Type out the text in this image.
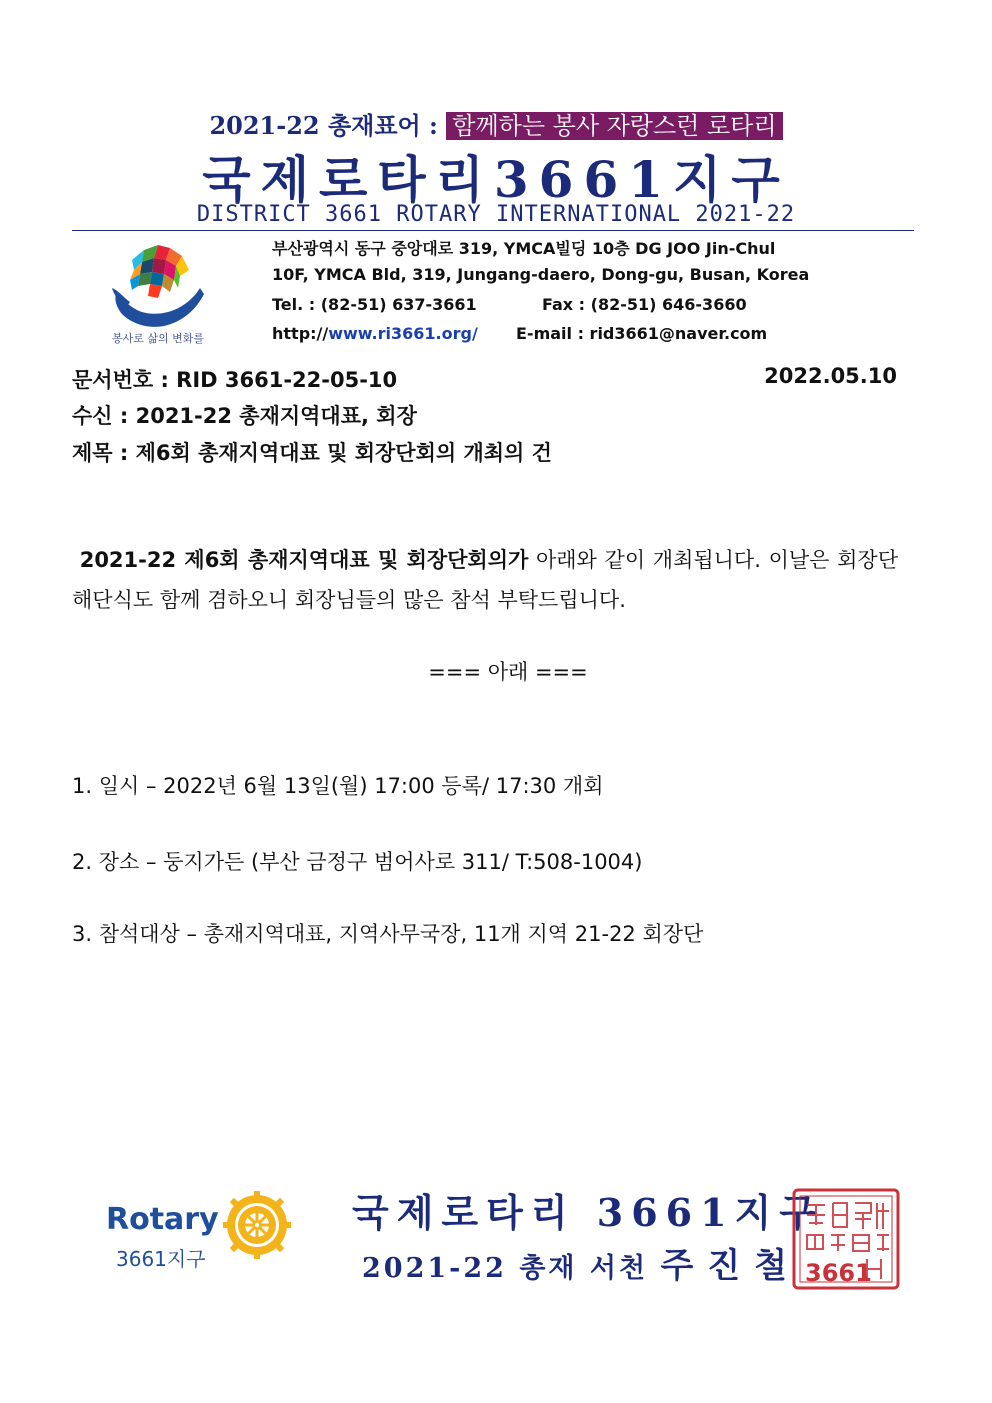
2021-22 총재표어 : 함께하는 봉사 자랑스런 로타리
국제로타리3661지구
DISTRICT 3661 ROTARY INTERNATIONAL 2021-22
봉사로 삶의 변화를
부산광역시 동구 중앙대로 319, YMCA빌딩 10층 DG JOO Jin-Chul
10F, YMCA Bld, 319, Jungang-daero, Dong-gu, Busan, Korea
Tel. : (82-51) 637-3661	Fax : (82-51) 646-3660
http://www.ri3661.org/ E-mail : rid3661@naver.com
문서번호 : RID 3661-22-05-10	2022.05.10
수신 : 2021-22 총재지역대표, 회장
제목 : 제6회 총재지역대표 및 회장단회의 개최의 건
2021-22 제6회 총재지역대표 및 회장단회의가 아래와 같이 개최됩니다. 이날은 회장단 해단식도 함께 겸하오니 회장님들의 많은 참석 부탁드립니다.
=== 아래 ===
1. 일시 – 2022년 6월 13일(월) 17:00 등록/ 17:30 개회
2. 장소 – 둥지가든 (부산 금정구 범어사로 311/ T:508-1004)
3. 참석대상 – 총재지역대표, 지역사무국장, 11개 지역 21-22 회장단
Rotary
3661지구
국제로타리 3661지구
2021-22 총재 서천 주진철 3661
